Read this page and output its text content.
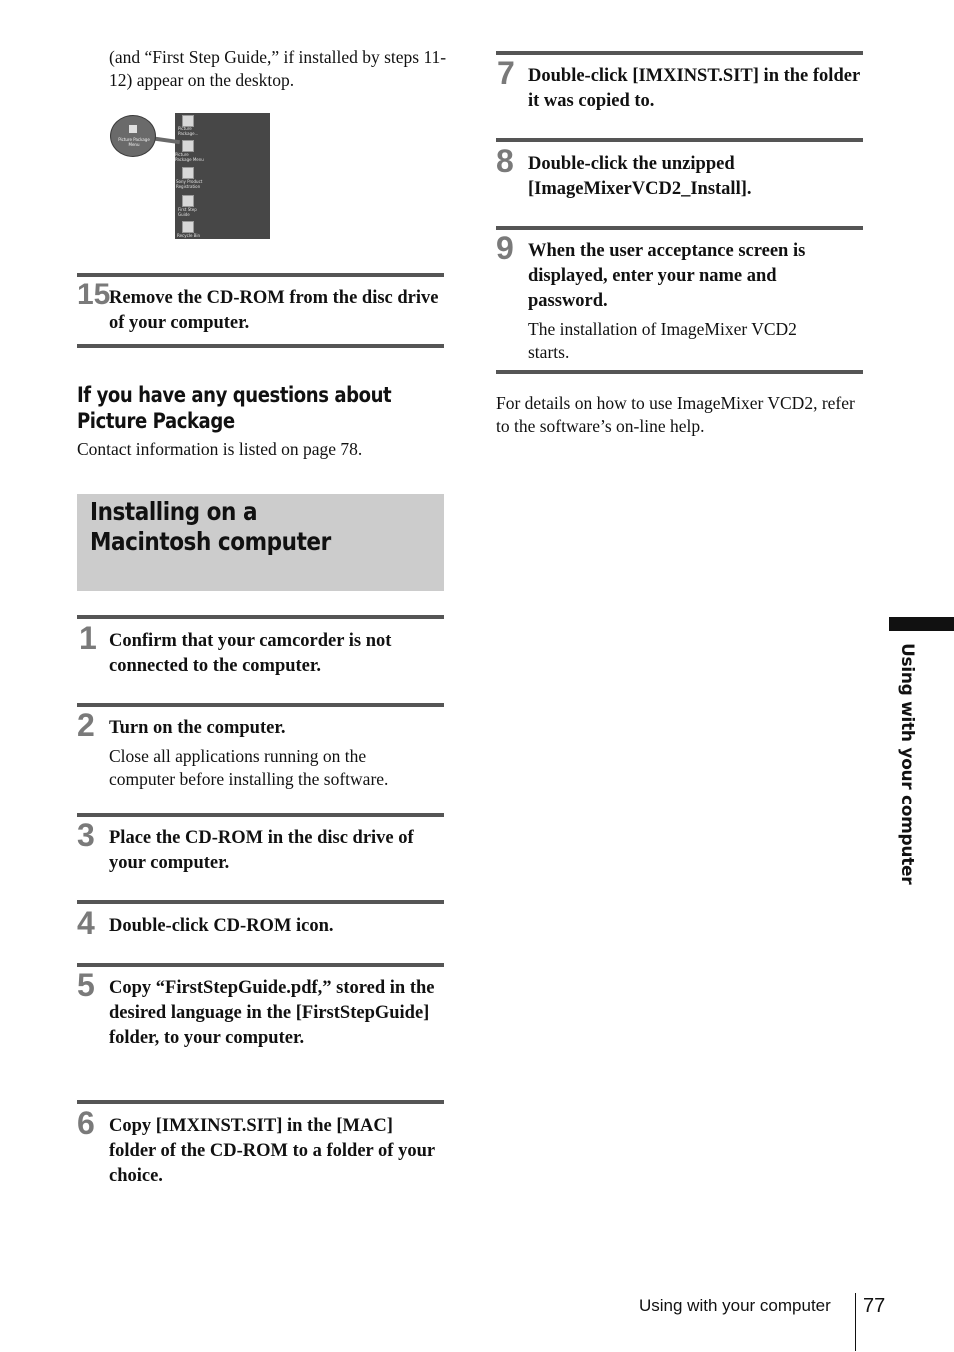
(and “First Step Guide,” if installed by steps 11-12) appear on the desktop.
Picture Package...
Picture Package Menu
Sony Product Registration
First Step Guide
Recycle Bin
Picture Package Menu
15
Remove the CD-ROM from the disc drive of your computer.
If you have any questions about Picture Package
Contact information is listed on page 78.
Installing on a Macintosh computer
1 Confirm that your camcorder is not connected to the computer.
2 Turn on the computer.
Close all applications running on the computer before installing the software.
3 Place the CD-ROM in the disc drive of your computer.
4 Double-click CD-ROM icon.
5 Copy “FirstStepGuide.pdf,” stored in the desired language in the [FirstStepGuide] folder, to your computer.
6 Copy [IMXINST.SIT] in the [MAC] folder of the CD-ROM to a folder of your choice.
7 Double-click [IMXINST.SIT] in the folder it was copied to.
8 Double-click the unzipped [ImageMixerVCD2_Install].
9 When the user acceptance screen is displayed, enter your name and password.
The installation of ImageMixer VCD2 starts.
For details on how to use ImageMixer VCD2, refer to the software’s on-line help.
Using with your computer
Using with your computer 77
